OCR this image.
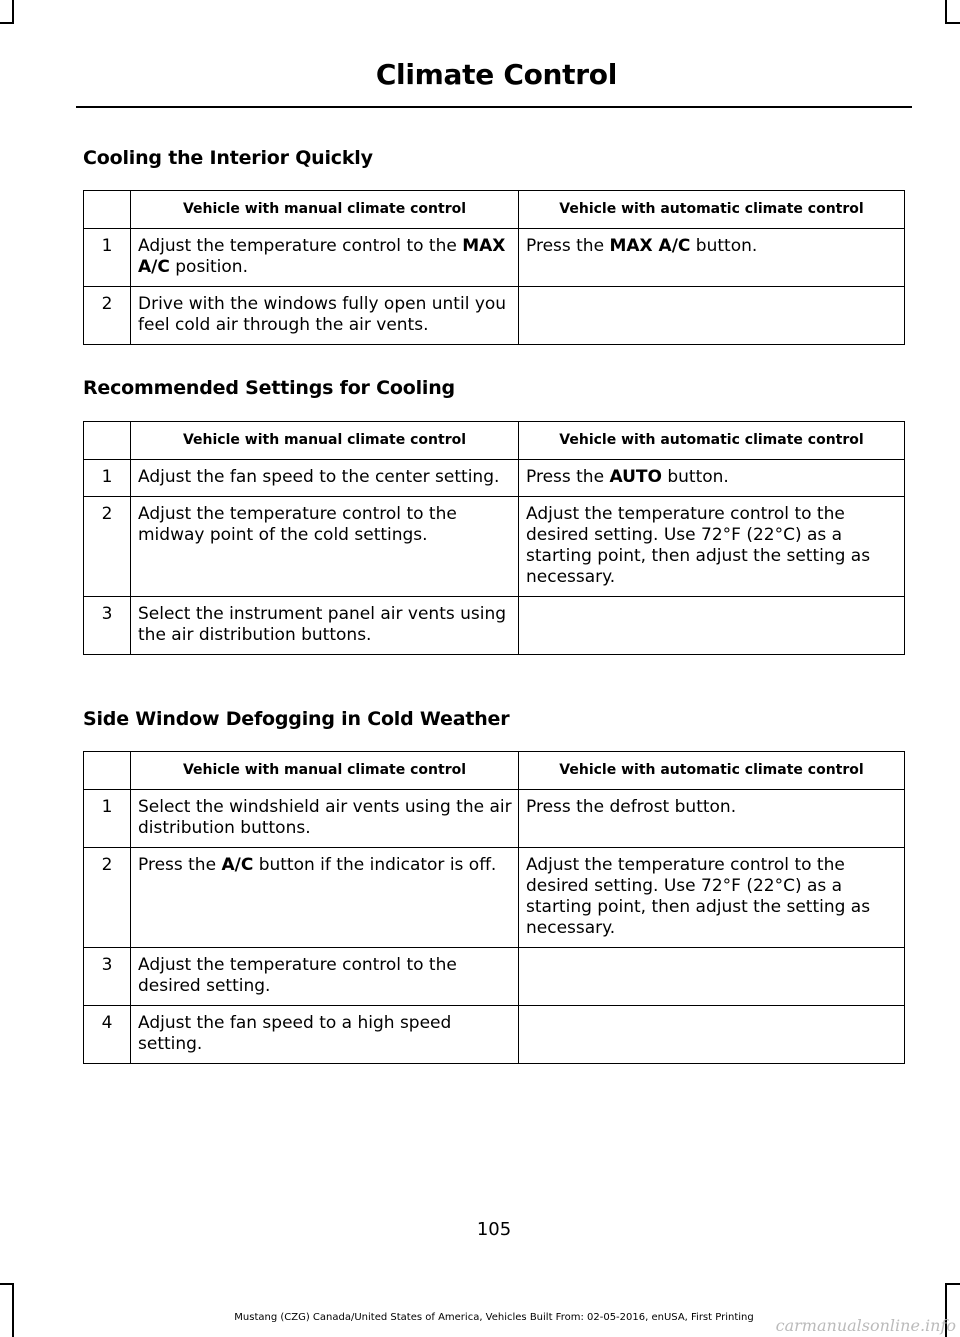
Climate Control
Cooling the Interior Quickly
	Vehicle with manual climate control	Vehicle with automatic climate control
1	Adjust the temperature control to the MAX A/C position.	Press the MAX A/C button.
2	Drive with the windows fully open until you feel cold air through the air vents.	
Recommended Settings for Cooling
	Vehicle with manual climate control	Vehicle with automatic climate control
1	Adjust the fan speed to the center setting.	Press the AUTO button.
2	Adjust the temperature control to the midway point of the cold settings.	Adjust the temperature control to the desired setting. Use 72°F (22°C) as a starting point, then adjust the setting as necessary.
3	Select the instrument panel air vents using the air distribution buttons.	
Side Window Defogging in Cold Weather
	Vehicle with manual climate control	Vehicle with automatic climate control
1	Select the windshield air vents using the air distribution buttons.	Press the defrost button.
2	Press the A/C button if the indicator is off.	Adjust the temperature control to the desired setting. Use 72°F (22°C) as a starting point, then adjust the setting as necessary.
3	Adjust the temperature control to the desired setting.	
4	Adjust the fan speed to a high speed setting.	
105
Mustang (CZG) Canada/United States of America, Vehicles Built From: 02-05-2016, enUSA, First Printing	carmanualsonline.info
